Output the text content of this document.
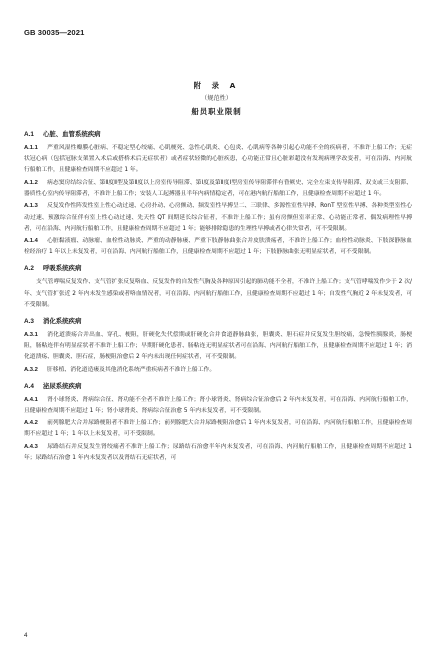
GB 30035—2021
附 录 A
（规范性）
船员职业限制
A.1 心脏、血管系统疾病
A.1.1 严重风湿性瓣膜心脏病、不稳定型心绞痛、心肌梗死、急性心肌炎、心包炎、心肌病等各种引起心功能不全的疾病者，不准许上船工作；无症状冠心病（包括冠脉支架置入术后或搭桥术后无症状者）或者症状轻微的心脏疾患，心功能正常且心脏彩超没有发现病理学改变者，可在沿海、内河航行船舶工作，且健康检查周期不应超过 1 年。
A.1.2 病态窦房结综合征、第Ⅱ度Ⅱ型及第Ⅱ度以上房室传导阻滞、第Ⅰ度及第Ⅱ度Ⅰ型房室传导阻滞伴有昏厥史、完全左束支传导阻滞、双支或三支阻滞、器质性心室内传导阻滞者，不准许上船工作；安装人工起搏器且半年内病情稳定者，可在港内航行船舶工作，且健康检查周期不应超过 1 年。
A.1.3 反复发作性阵发性室上性心动过速、心房扑动、心房颤动、频发室性早搏呈二、三联律、多源性室性早搏、RonT 型室性早搏、各种类型室性心动过速、预激综合征伴有室上性心动过速、先天性 QT 间期延长综合征者，不准许上船工作；虽有房颤但室率正常、心功能正常者、偶发病理性早搏者，可在沿海、内河航行船舶工作，且健康检查周期不应超过 1 年；能够排除隐患的生理性早搏或者心律失常者，可不受限制。
A.1.4 心脏黏液瘤、动脉瘤、血栓性动脉炎、严重的动静脉瘘、严重下肢静脉曲张合并皮肤溃疡者，不准许上船工作；血栓性动脉炎、下肢深静脉血栓经治疗 1 年以上未复发者，可在沿海、内河航行船舶工作，且健康检查周期不应超过 1 年；下肢静脉曲张无明显症状者，可不受限制。
A.2 呼吸系统疾病
支气管哮喘反复发作、支气管扩张反复咯血、反复发作的自发性气胸及各种原因引起的肺功能不全者，不准许上船工作；支气管哮喘发作少于 2 次/年、支气管扩张近 2 年内未发生感染或者咯血情况者，可在沿海、内河航行船舶工作，且健康检查周期不应超过 1 年；自发性气胸近 2 年未复发者，可不受限制。
A.3 消化系统疾病
A.3.1 消化道溃疡合并出血、穿孔、梗阻，肝硬化失代偿期或肝硬化合并食道静脉曲张，胆囊炎、胆石症并反复发生胆绞痛，急慢性胰腺炎，肠梗阻，肠粘连伴有明显症状者不准许上船工作；早期肝硬化患者、肠粘连无明显症状者可在沿海、内河航行船舶工作，且健康检查周期不应超过 1 年；消化道溃疡、胆囊炎、胆石症，肠梗阻治愈后 2 年内未出现任何症状者，可不受限制。
A.3.2 肝移植、消化道造瘘及其他消化系统严重疾病者不准许上船工作。
A.4 泌尿系统疾病
A.4.1 肾小球肾炎、肾病综合征、肾功能不全者不准许上船工作；肾小球肾炎、肾病综合征治愈后 2 年内未复发者，可在沿海、内河航行船舶工作，且健康检查周期不应超过 1 年；肾小球肾炎、肾病综合征治愈 5 年内未复发者，可不受限制。
A.4.2 前列腺肥大合并尿路梗阻者不准许上船工作；前列腺肥大合并尿路梗阻治愈后 1 年内未复发者，可在沿海、内河航行船舶工作，且健康检查周期不应超过 1 年；1 年以上未复发者，可不受限制。
A.4.3 尿路结石并反复发生肾绞痛者不准许上船工作；尿路结石治愈半年内未复发者，可在沿海、内河航行船舶工作，且健康检查周期不应超过 1 年；尿路结石治愈 1 年内未复发者以及肾结石无症状者，可
4
